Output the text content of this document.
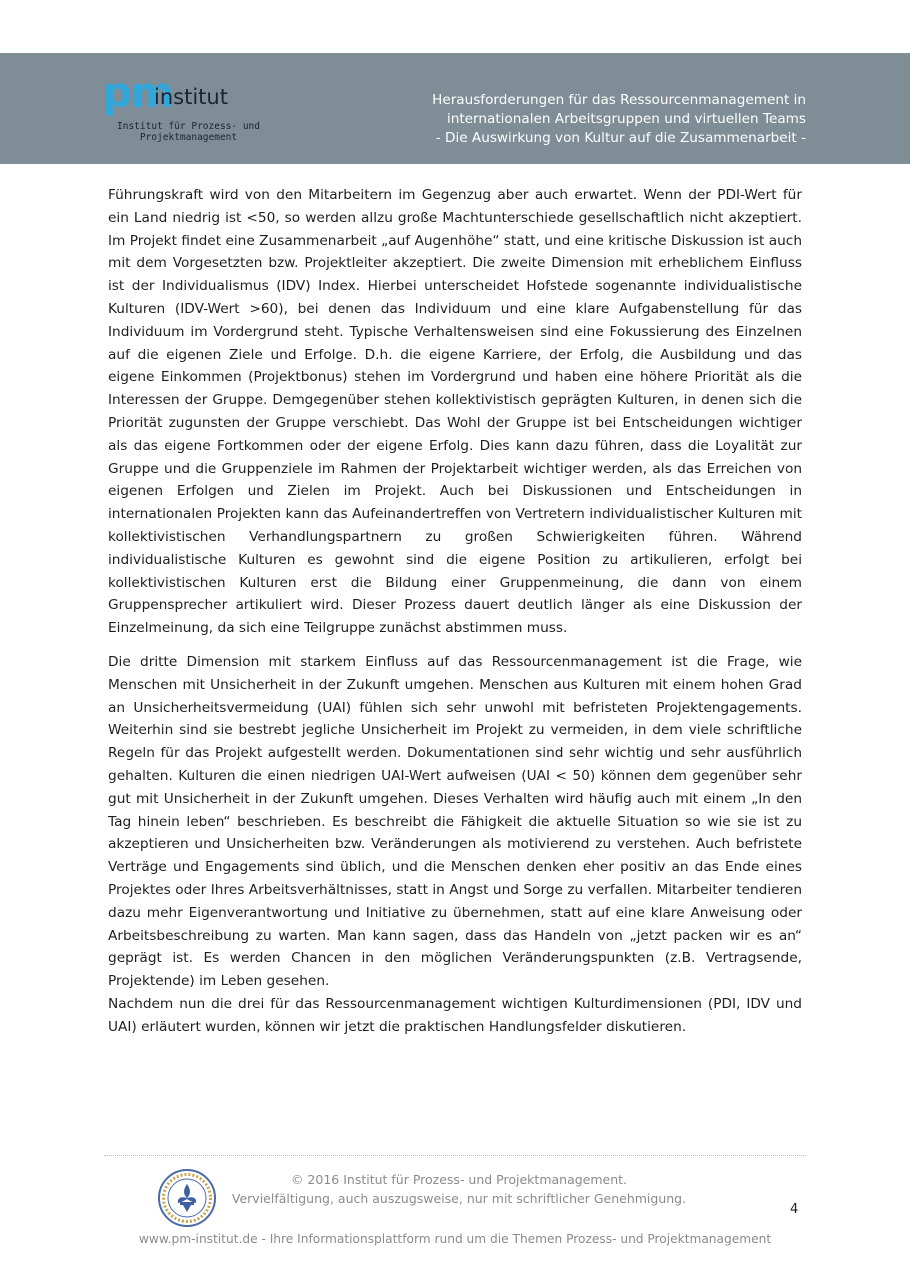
pm
institut
Institut für Prozess- und
Projektmanagement
Herausforderungen für das Ressourcenmanagement in
internationalen Arbeitsgruppen und virtuellen Teams
- Die Auswirkung von Kultur auf die Zusammenarbeit -

Führungskraft wird von den Mitarbeitern im Gegenzug aber auch erwartet. Wenn der PDI-Wert für ein Land niedrig ist <50, so werden allzu große Machtunterschiede gesellschaftlich nicht akzeptiert. Im Projekt findet eine Zusammenarbeit „auf Augenhöhe“ statt, und eine kritische Diskussion ist auch mit dem Vorgesetzten bzw. Projektleiter akzeptiert. Die zweite Dimension mit erheblichem Einfluss ist der Individualismus (IDV) Index. Hierbei unterscheidet Hofstede sogenannte individualistische Kulturen (IDV-Wert >60), bei denen das Individuum und eine klare Aufgabenstellung für das Individuum im Vordergrund steht. Typische Verhaltensweisen sind eine Fokussierung des Einzelnen auf die eigenen Ziele und Erfolge. D.h. die eigene Karriere, der Erfolg, die Ausbildung und das eigene Einkommen (Projektbonus) stehen im Vordergrund und haben eine höhere Priorität als die Interessen der Gruppe. Demgegenüber stehen kollektivistisch geprägten Kulturen, in denen sich die Priorität zugunsten der Gruppe verschiebt. Das Wohl der Gruppe ist bei Entscheidungen wichtiger als das eigene Fortkommen oder der eigene Erfolg. Dies kann dazu führen, dass die Loyalität zur Gruppe und die Gruppenziele im Rahmen der Projektarbeit wichtiger werden, als das Erreichen von eigenen Erfolgen und Zielen im Projekt. Auch bei Diskussionen und Entscheidungen in internationalen Projekten kann das Aufeinandertreffen von Vertretern individualistischer Kulturen mit kollektivistischen Verhandlungspartnern zu großen Schwierigkeiten führen. Während individualistische Kulturen es gewohnt sind die eigene Position zu artikulieren, erfolgt bei kollektivistischen Kulturen erst die Bildung einer Gruppenmeinung, die dann von einem Gruppensprecher artikuliert wird. Dieser Prozess dauert deutlich länger als eine Diskussion der Einzelmeinung, da sich eine Teilgruppe zunächst abstimmen muss.

Die dritte Dimension mit starkem Einfluss auf das Ressourcenmanagement ist die Frage, wie Menschen mit Unsicherheit in der Zukunft umgehen. Menschen aus Kulturen mit einem hohen Grad an Unsicherheitsvermeidung (UAI) fühlen sich sehr unwohl mit befristeten Projektengagements. Weiterhin sind sie bestrebt jegliche Unsicherheit im Projekt zu vermeiden, in dem viele schriftliche Regeln für das Projekt aufgestellt werden. Dokumentationen sind sehr wichtig und sehr ausführlich gehalten. Kulturen die einen niedrigen UAI-Wert aufweisen (UAI < 50) können dem gegenüber sehr gut mit Unsicherheit in der Zukunft umgehen. Dieses Verhalten wird häufig auch mit einem „In den Tag hinein leben“ beschrieben. Es beschreibt die Fähigkeit die aktuelle Situation so wie sie ist zu akzeptieren und Unsicherheiten bzw. Veränderungen als motivierend zu verstehen. Auch befristete Verträge und Engagements sind üblich, und die Menschen denken eher positiv an das Ende eines Projektes oder Ihres Arbeitsverhältnisses, statt in Angst und Sorge zu verfallen. Mitarbeiter tendieren dazu mehr Eigenverantwortung und Initiative zu übernehmen, statt auf eine klare Anweisung oder Arbeitsbeschreibung zu warten. Man kann sagen, dass das Handeln von „jetzt packen wir es an“ geprägt ist. Es werden Chancen in den möglichen Veränderungspunkten (z.B. Vertragsende, Projektende) im Leben gesehen.

Nachdem nun die drei für das Ressourcenmanagement wichtigen Kulturdimensionen (PDI, IDV und UAI) erläutert wurden, können wir jetzt die praktischen Handlungsfelder diskutieren.

© 2016 Institut für Prozess- und Projektmanagement.
Vervielfältigung, auch auszugsweise, nur mit schriftlicher Genehmigung.
4
www.pm-institut.de - Ihre Informationsplattform rund um die Themen Prozess- und Projektmanagement
